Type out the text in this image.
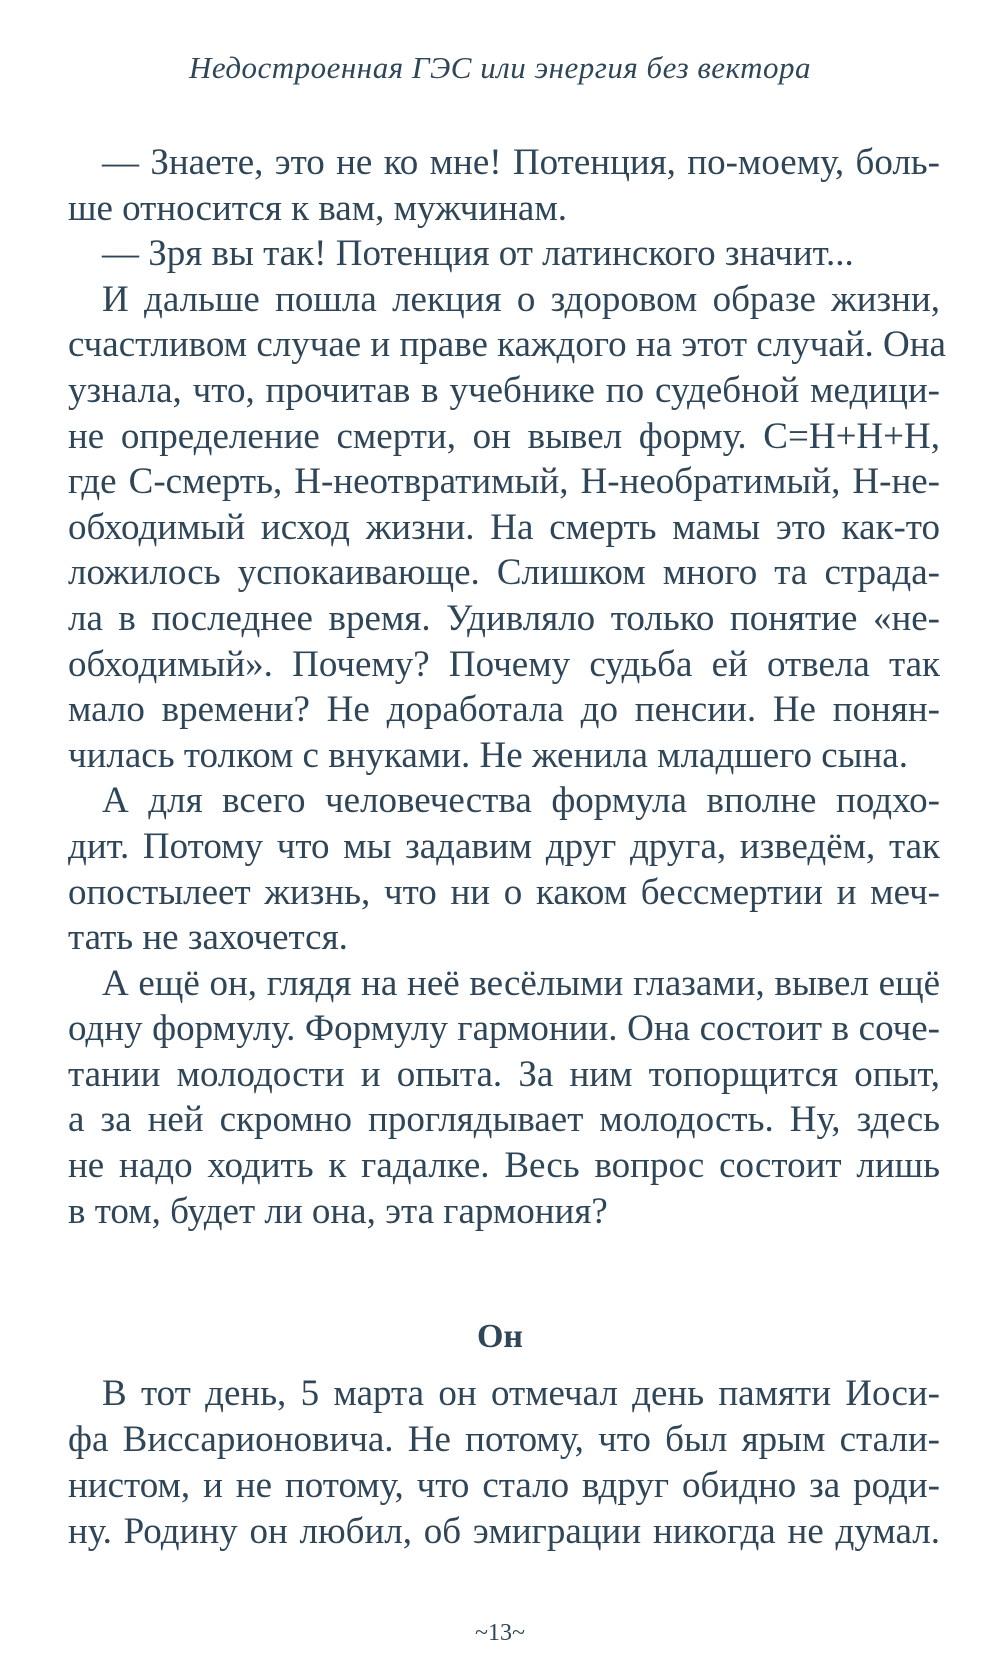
Недостроенная ГЭС или энергия без вектора
— Знаете, это не ко мне! Потенция, по-моему, боль-
ше относится к вам, мужчинам.
— Зря вы так! Потенция от латинского значит...
И дальше пошла лекция о здоровом образе жизни,
счастливом случае и праве каждого на этот случай. Она
узнала, что, прочитав в учебнике по судебной медици-
не определение смерти, он вывел форму. С=Н+Н+Н,
где С-смерть, Н-неотвратимый, Н-необратимый, Н-не-
обходимый исход жизни. На смерть мамы это как-то
ложилось успокаивающе. Слишком много та страда-
ла в последнее время. Удивляло только понятие «не-
обходимый». Почему? Почему судьба ей отвела так
мало времени? Не доработала до пенсии. Не понян-
чилась толком с внуками. Не женила младшего сына.
А для всего человечества формула вполне подхо-
дит. Потому что мы задавим друг друга, изведём, так
опостылеет жизнь, что ни о каком бессмертии и меч-
тать не захочется.
А ещё он, глядя на неё весёлыми глазами, вывел ещё
одну формулу. Формулу гармонии. Она состоит в соче-
тании молодости и опыта. За ним топорщится опыт,
а за ней скромно проглядывает молодость. Ну, здесь
не надо ходить к гадалке. Весь вопрос состоит лишь
в том, будет ли она, эта гармония?
Он
В тот день, 5 марта он отмечал день памяти Иоси-
фа Виссарионовича. Не потому, что был ярым стали-
нистом, и не потому, что стало вдруг обидно за роди-
ну. Родину он любил, об эмиграции никогда не думал.
~13~
